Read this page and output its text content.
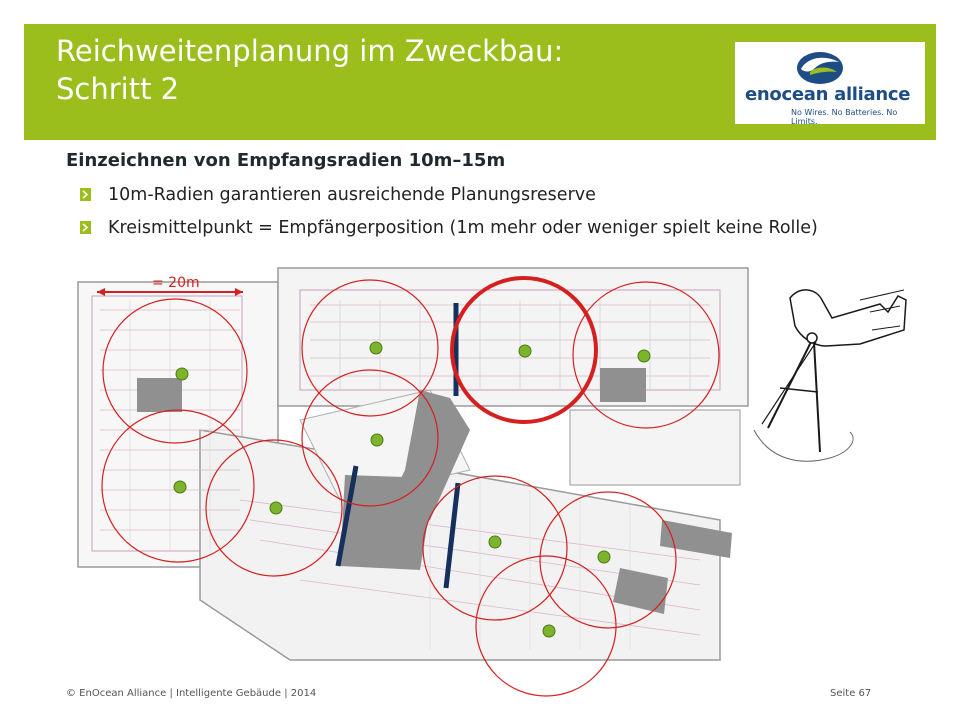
Reichweitenplanung im Zweckbau:
Schritt 2	enocean alliance
No Wires. No Batteries. No Limits.
Einzeichnen von Empfangsradien 10m–15m
10m-Radien garantieren ausreichende Planungsreserve
Kreismittelpunkt = Empfängerposition (1m mehr oder weniger spielt keine Rolle)
= 20m
© EnOcean Alliance | Intelligente Gebäude | 2014	Seite 67
